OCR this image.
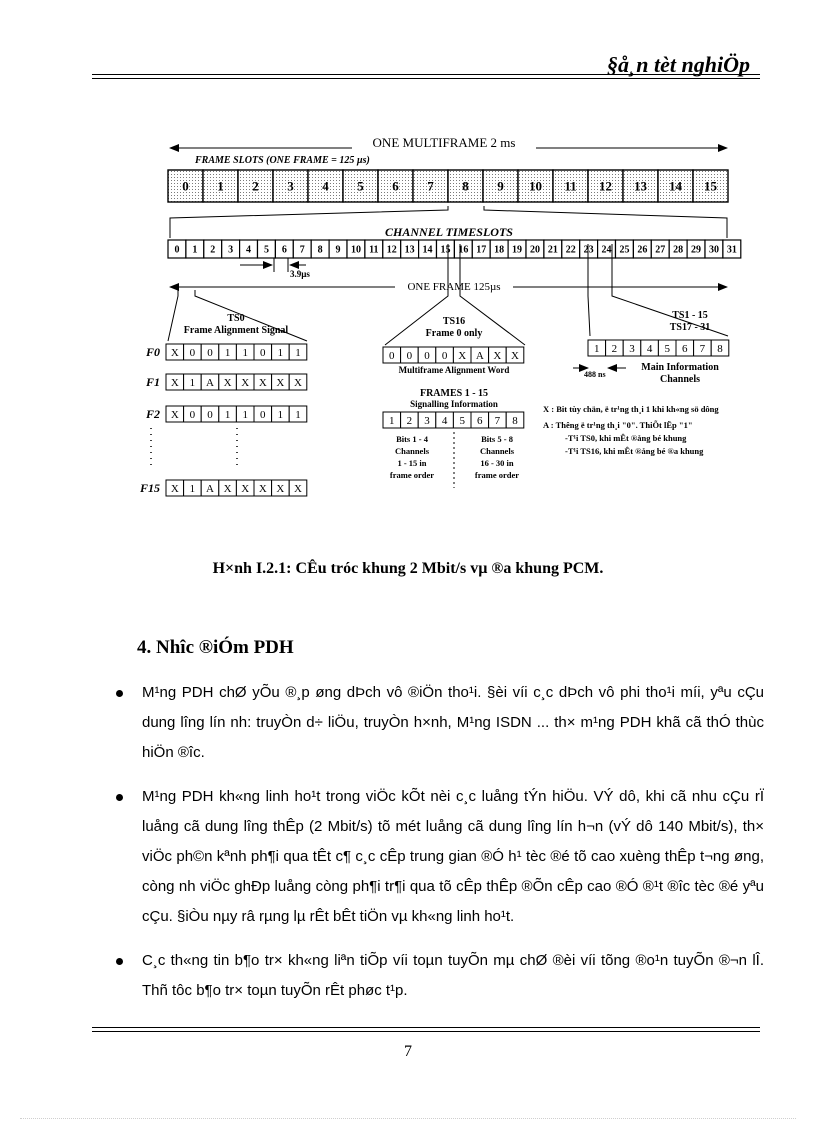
§å¸n tèt nghiÖp
ONE MULTIFRAME 2 ms
FRAME SLOTS (ONE FRAME = 125 µs)
0 1 2 3 4 5 6 7 8 9 10 11 12 13 14 15
CHANNEL TIMESLOTS
0 1 2 3 4 5 6 7 8 9 10 11 12 13 14 15 16 17 18 19 20 21 22 23 24 25 26 27 28 29 30 31
3.9µs
ONE FRAME 125µs
TS0
Frame Alignment Signal
F0 X 0 0 1 1 0 1 1
F1 X 1 A X X X X X
F2 X 0 0 1 1 0 1 1
F15 X 1 A X X X X X
TS16
Frame 0 only
0 0 0 0 X A X X
Multiframe Alignment Word
FRAMES 1 - 15
Signalling Information
1 2 3 4 5 6 7 8
Bits 1 - 4
Channels
1 - 15 in
frame order
Bits 5 - 8
Channels
16 - 30 in
frame order
TS1 - 15
TS17 - 31
1 2 3 4 5 6 7 8
488 ns
Main Information
Channels
X : Bit tùy chän, ë tr¹ng th¸i 1 khi kh«ng sö dông
A : Thêng ë tr¹ng th¸i "0". ThiÕt lËp "1"
-T¹i TS0, khi mÊt ®ång bé khung
-T¹i TS16, khi mÊt ®ång bé ®a khung
H×nh I.2.1: CÊu tróc khung 2 Mbit/s vµ ®a khung PCM.
4. Nhîc ®iÓm PDH
M¹ng PDH chØ yÕu ®¸p øng dÞch vô ®iÖn tho¹i. §èi víi c¸c dÞch vô phi tho¹i míi, yªu cÇu dung lîng lín nh: truyÒn d÷ liÖu, truyÒn h×nh, M¹ng ISDN ... th× m¹ng PDH khã cã thÓ thùc hiÖn ®îc.
M¹ng PDH kh«ng linh ho¹t trong viÖc kÕt nèi c¸c luång tÝn hiÖu. VÝ dô, khi cã nhu cÇu rÏ luång cã dung lîng thÊp (2 Mbit/s) tõ mét luång cã dung lîng lín h¬n (vÝ dô 140 Mbit/s), th× viÖc ph©n kªnh ph¶i qua tÊt c¶ c¸c cÊp trung gian ®Ó h¹ tèc ®é tõ cao xuèng thÊp t¬ng øng, còng nh viÖc ghÐp luång còng ph¶i tr¶i qua tõ cÊp thÊp ®Õn cÊp cao ®Ó ®¹t ®îc tèc ®é yªu cÇu. §iÒu nµy râ rµng lµ rÊt bÊt tiÖn vµ kh«ng linh ho¹t.
C¸c th«ng tin b¶o tr× kh«ng liªn tiÕp víi toµn tuyÕn mµ chØ ®èi víi tõng ®o¹n tuyÕn ®¬n lÎ. Thñ tôc b¶o tr× toµn tuyÕn rÊt phøc t¹p.
7
